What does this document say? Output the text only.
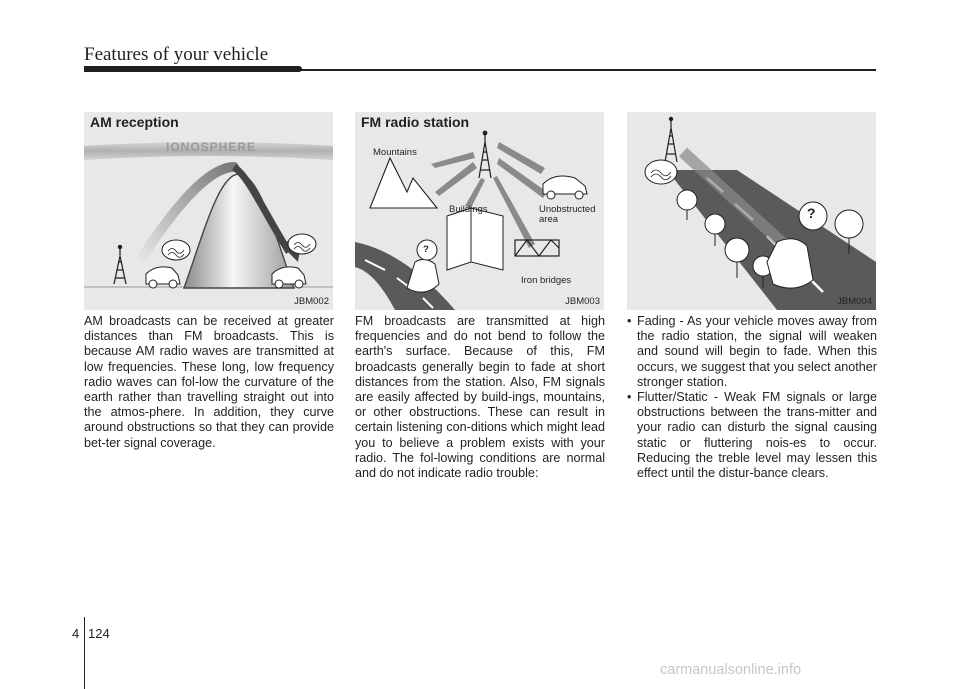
Features of your vehicle
AM reception
IONOSPHERE
JBM002
FM radio station
Mountains
Buildings	Unobstructed
area
Iron bridges
?
JBM003
?
JBM004
AM broadcasts can be received at greater distances than FM broadcasts. This is because AM radio waves are transmitted at low frequencies. These long, low frequency radio waves can fol-low the curvature of the earth rather than travelling straight out into the atmos-phere. In addition, they curve around obstructions so that they can provide bet-ter signal coverage.
FM broadcasts are transmitted at high frequencies and do not bend to follow the earth's surface. Because of this, FM broadcasts generally begin to fade at short distances from the station. Also, FM signals are easily affected by build-ings, mountains, or other obstructions. These can result in certain listening con-ditions which might lead you to believe a problem exists with your radio. The fol-lowing conditions are normal and do not indicate radio trouble:
• Fading - As your vehicle moves away from the radio station, the signal will weaken and sound will begin to fade. When this occurs, we suggest that you select another stronger station.
• Flutter/Static - Weak FM signals or large obstructions between the trans-mitter and your radio can disturb the signal causing static or fluttering nois-es to occur. Reducing the treble level may lessen this effect until the distur-bance clears.
4 124
carmanualsonline.info
